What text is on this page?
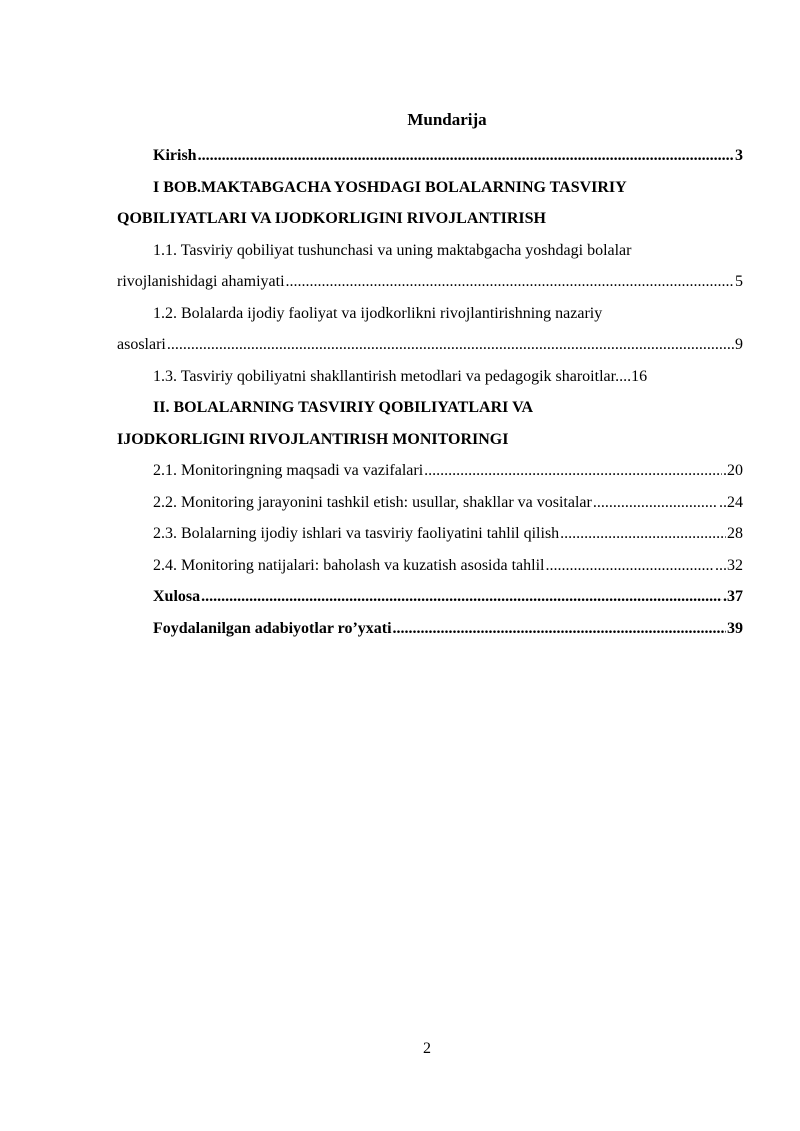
Mundarija
Kirish .....	3
I BOB.MAKTABGACHA YOSHDAGI BOLALARNING TASVIRIY
QOBILIYATLARI VA IJODKORLIGINI RIVOJLANTIRISH
1.1. Tasviriy qobiliyat tushunchasi va uning maktabgacha yoshdagi bolalar
rivojlanishidagi ahamiyati .....	5
1.2. Bolalarda ijodiy faoliyat va ijodkorlikni rivojlantirishning nazariy
asoslari .....	9
1.3. Tasviriy qobiliyatni shakllantirish metodlari va pedagogik sharoitlar....16
II. BOLALARNING TASVIRIY QOBILIYATLARI VA
IJODKORLIGINI RIVOJLANTIRISH MONITORINGI
2.1. Monitoringning maqsadi va vazifalari .....	.20
2.2. Monitoring jarayonini tashkil etish: usullar, shakllar va vositalar .....	..24
2.3. Bolalarning ijodiy ishlari va tasviriy faoliyatini tahlil qilish .....	28
2.4. Monitoring natijalari: baholash va kuzatish asosida tahlil .....	...32
Xulosa .....	.37
Foydalanilgan adabiyotlar ro’yxati .....	39
2
